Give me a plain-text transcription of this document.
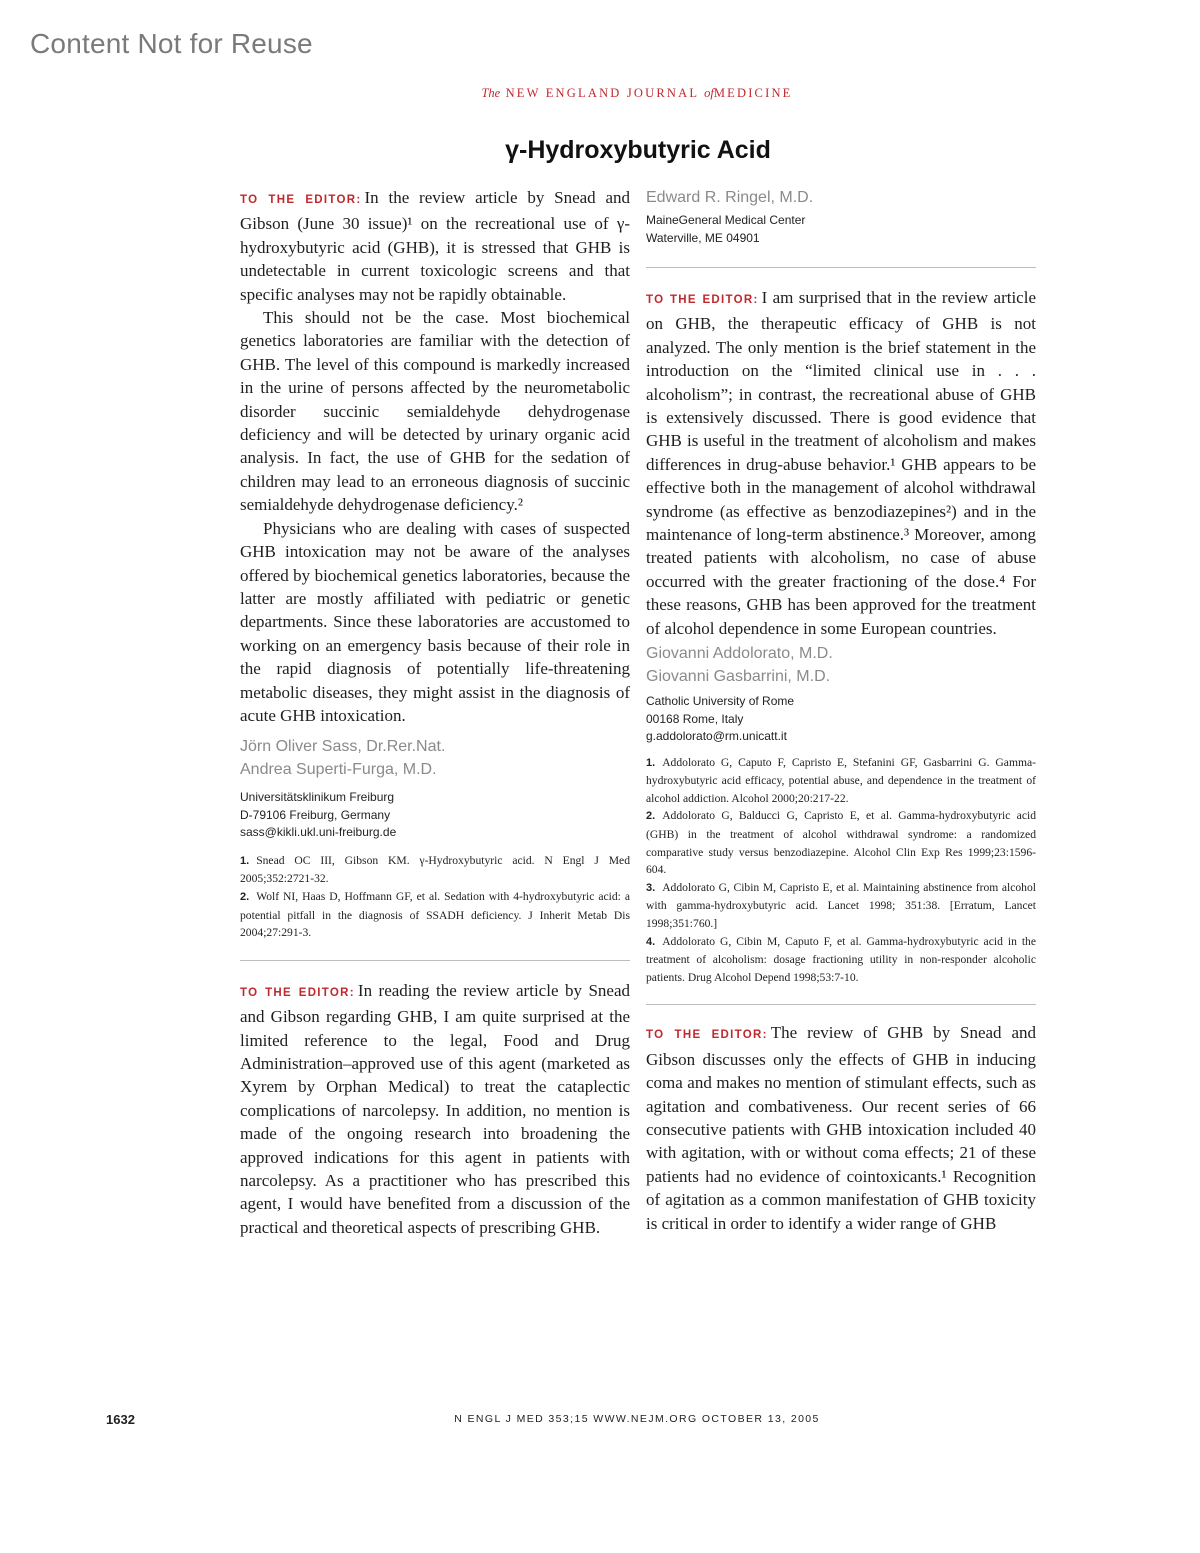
Content Not for Reuse
The NEW ENGLAND JOURNAL ofMEDICINE
γ-Hydroxybutyric Acid

TO THE EDITOR: In the review article by Snead and Gibson (June 30 issue)¹ on the recreational use of γ-hydroxybutyric acid (GHB), it is stressed that GHB is undetectable in current toxicologic screens and that specific analyses may not be rapidly obtainable.

This should not be the case. Most biochemical genetics laboratories are familiar with the detection of GHB. The level of this compound is markedly increased in the urine of persons affected by the neurometabolic disorder succinic semialdehyde dehydrogenase deficiency and will be detected by urinary organic acid analysis. In fact, the use of GHB for the sedation of children may lead to an erroneous diagnosis of succinic semialdehyde dehydrogenase deficiency.²

Physicians who are dealing with cases of suspected GHB intoxication may not be aware of the analyses offered by biochemical genetics laboratories, because the latter are mostly affiliated with pediatric or genetic departments. Since these laboratories are accustomed to working on an emergency basis because of their role in the rapid diagnosis of potentially life-threatening metabolic diseases, they might assist in the diagnosis of acute GHB intoxication.

Jörn Oliver Sass, Dr.Rer.Nat.

Andrea Superti-Furga, M.D.

Universitätsklinikum Freiburg

D-79106 Freiburg, Germany

sass@kikli.ukl.uni-freiburg.de

1. Snead OC III, Gibson KM. γ-Hydroxybutyric acid. N Engl J Med 2005;352:2721-32.
2. Wolf NI, Haas D, Hoffmann GF, et al. Sedation with 4-hydroxybutyric acid: a potential pitfall in the diagnosis of SSADH deficiency. J Inherit Metab Dis 2004;27:291-3.

TO THE EDITOR: In reading the review article by Snead and Gibson regarding GHB, I am quite surprised at the limited reference to the legal, Food and Drug Administration–approved use of this agent (marketed as Xyrem by Orphan Medical) to treat the cataplectic complications of narcolepsy. In addition, no mention is made of the ongoing research into broadening the approved indications for this agent in patients with narcolepsy. As a practitioner who has prescribed this agent, I would have benefited from a discussion of the practical and theoretical aspects of prescribing GHB.

Edward R. Ringel, M.D.

MaineGeneral Medical Center

Waterville, ME 04901

TO THE EDITOR: I am surprised that in the review article on GHB, the therapeutic efficacy of GHB is not analyzed. The only mention is the brief statement in the introduction on the “limited clinical use in . . . alcoholism”; in contrast, the recreational abuse of GHB is extensively discussed. There is good evidence that GHB is useful in the treatment of alcoholism and makes differences in drug-abuse behavior.¹ GHB appears to be effective both in the management of alcohol withdrawal syndrome (as effective as benzodiazepines²) and in the maintenance of long-term abstinence.³ Moreover, among treated patients with alcoholism, no case of abuse occurred with the greater fractioning of the dose.⁴ For these reasons, GHB has been approved for the treatment of alcohol dependence in some European countries.

Giovanni Addolorato, M.D.

Giovanni Gasbarrini, M.D.

Catholic University of Rome

00168 Rome, Italy

g.addolorato@rm.unicatt.it

1. Addolorato G, Caputo F, Capristo E, Stefanini GF, Gasbarrini G. Gamma-hydroxybutyric acid efficacy, potential abuse, and dependence in the treatment of alcohol addiction. Alcohol 2000;20:217-22.
2. Addolorato G, Balducci G, Capristo E, et al. Gamma-hydroxybutyric acid (GHB) in the treatment of alcohol withdrawal syndrome: a randomized comparative study versus benzodiazepine. Alcohol Clin Exp Res 1999;23:1596-604.
3. Addolorato G, Cibin M, Capristo E, et al. Maintaining abstinence from alcohol with gamma-hydroxybutyric acid. Lancet 1998; 351:38. [Erratum, Lancet 1998;351:760.]
4. Addolorato G, Cibin M, Caputo F, et al. Gamma-hydroxybutyric acid in the treatment of alcoholism: dosage fractioning utility in non-responder alcoholic patients. Drug Alcohol Depend 1998;53:7-10.

TO THE EDITOR: The review of GHB by Snead and Gibson discusses only the effects of GHB in inducing coma and makes no mention of stimulant effects, such as agitation and combativeness. Our recent series of 66 consecutive patients with GHB intoxication included 40 with agitation, with or without coma effects; 21 of these patients had no evidence of cointoxicants.¹ Recognition of agitation as a common manifestation of GHB toxicity is critical in order to identify a wider range of GHB

1632	N ENGL J MED 353;15 WWW.NEJM.ORG OCTOBER 13, 2005
